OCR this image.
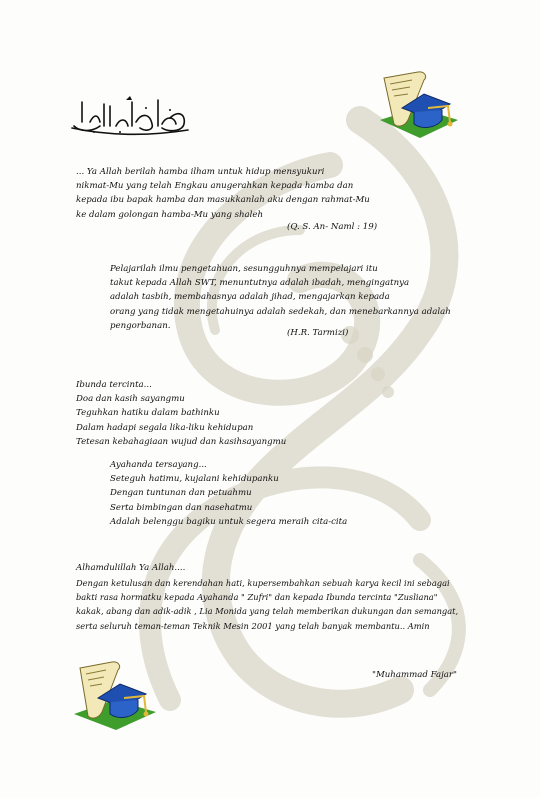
... Ya Allah berilah hamba ilham untuk hidup mensyukuri
nikmat-Mu yang telah Engkau anugerahkan kepada hamba dan
kepada ibu bapak hamba dan masukkanlah aku dengan rahmat-Mu
ke dalam golongan hamba-Mu yang shaleh
(Q. S. An- Naml : 19)
Pelajarilah ilmu pengetahuan, sesungguhnya mempelajari itu
takut kepada Allah SWT, menuntutnya adalah ibadah, mengingatnya
adalah tasbih, membahasnya adalah jihad, mengajarkan kepada
orang yang tidak mengetahuinya adalah sedekah, dan menebarkannya adalah
pengorbanan.
(H.R. Tarmizi)
Ibunda tercinta...
Doa dan kasih sayangmu
Teguhkan hatiku dalam bathinku
Dalam hadapi segala lika-liku kehidupan
Tetesan kebahagiaan wujud dan kasihsayangmu
Ayahanda tersayang...
Seteguh hatimu, kujalani kehidupanku
Dengan tuntunan dan petuahmu
Serta bimbingan dan nasehatmu
Adalah belenggu bagiku untuk segera meraih cita-cita
Alhamdulillah Ya Allah....
Dengan ketulusan dan kerendahan hati, kupersembahkan sebuah karya kecil ini sebagai
bakti rasa hormatku kepada Ayahanda " Zufri" dan kepada Ibunda tercinta "Zusliana"
kakak, abang dan adik-adik , Lia Monida yang telah memberikan dukungan dan semangat,
serta seluruh teman-teman Teknik Mesin 2001 yang telah banyak membantu.. Amin
"Muhammad Fajar"
